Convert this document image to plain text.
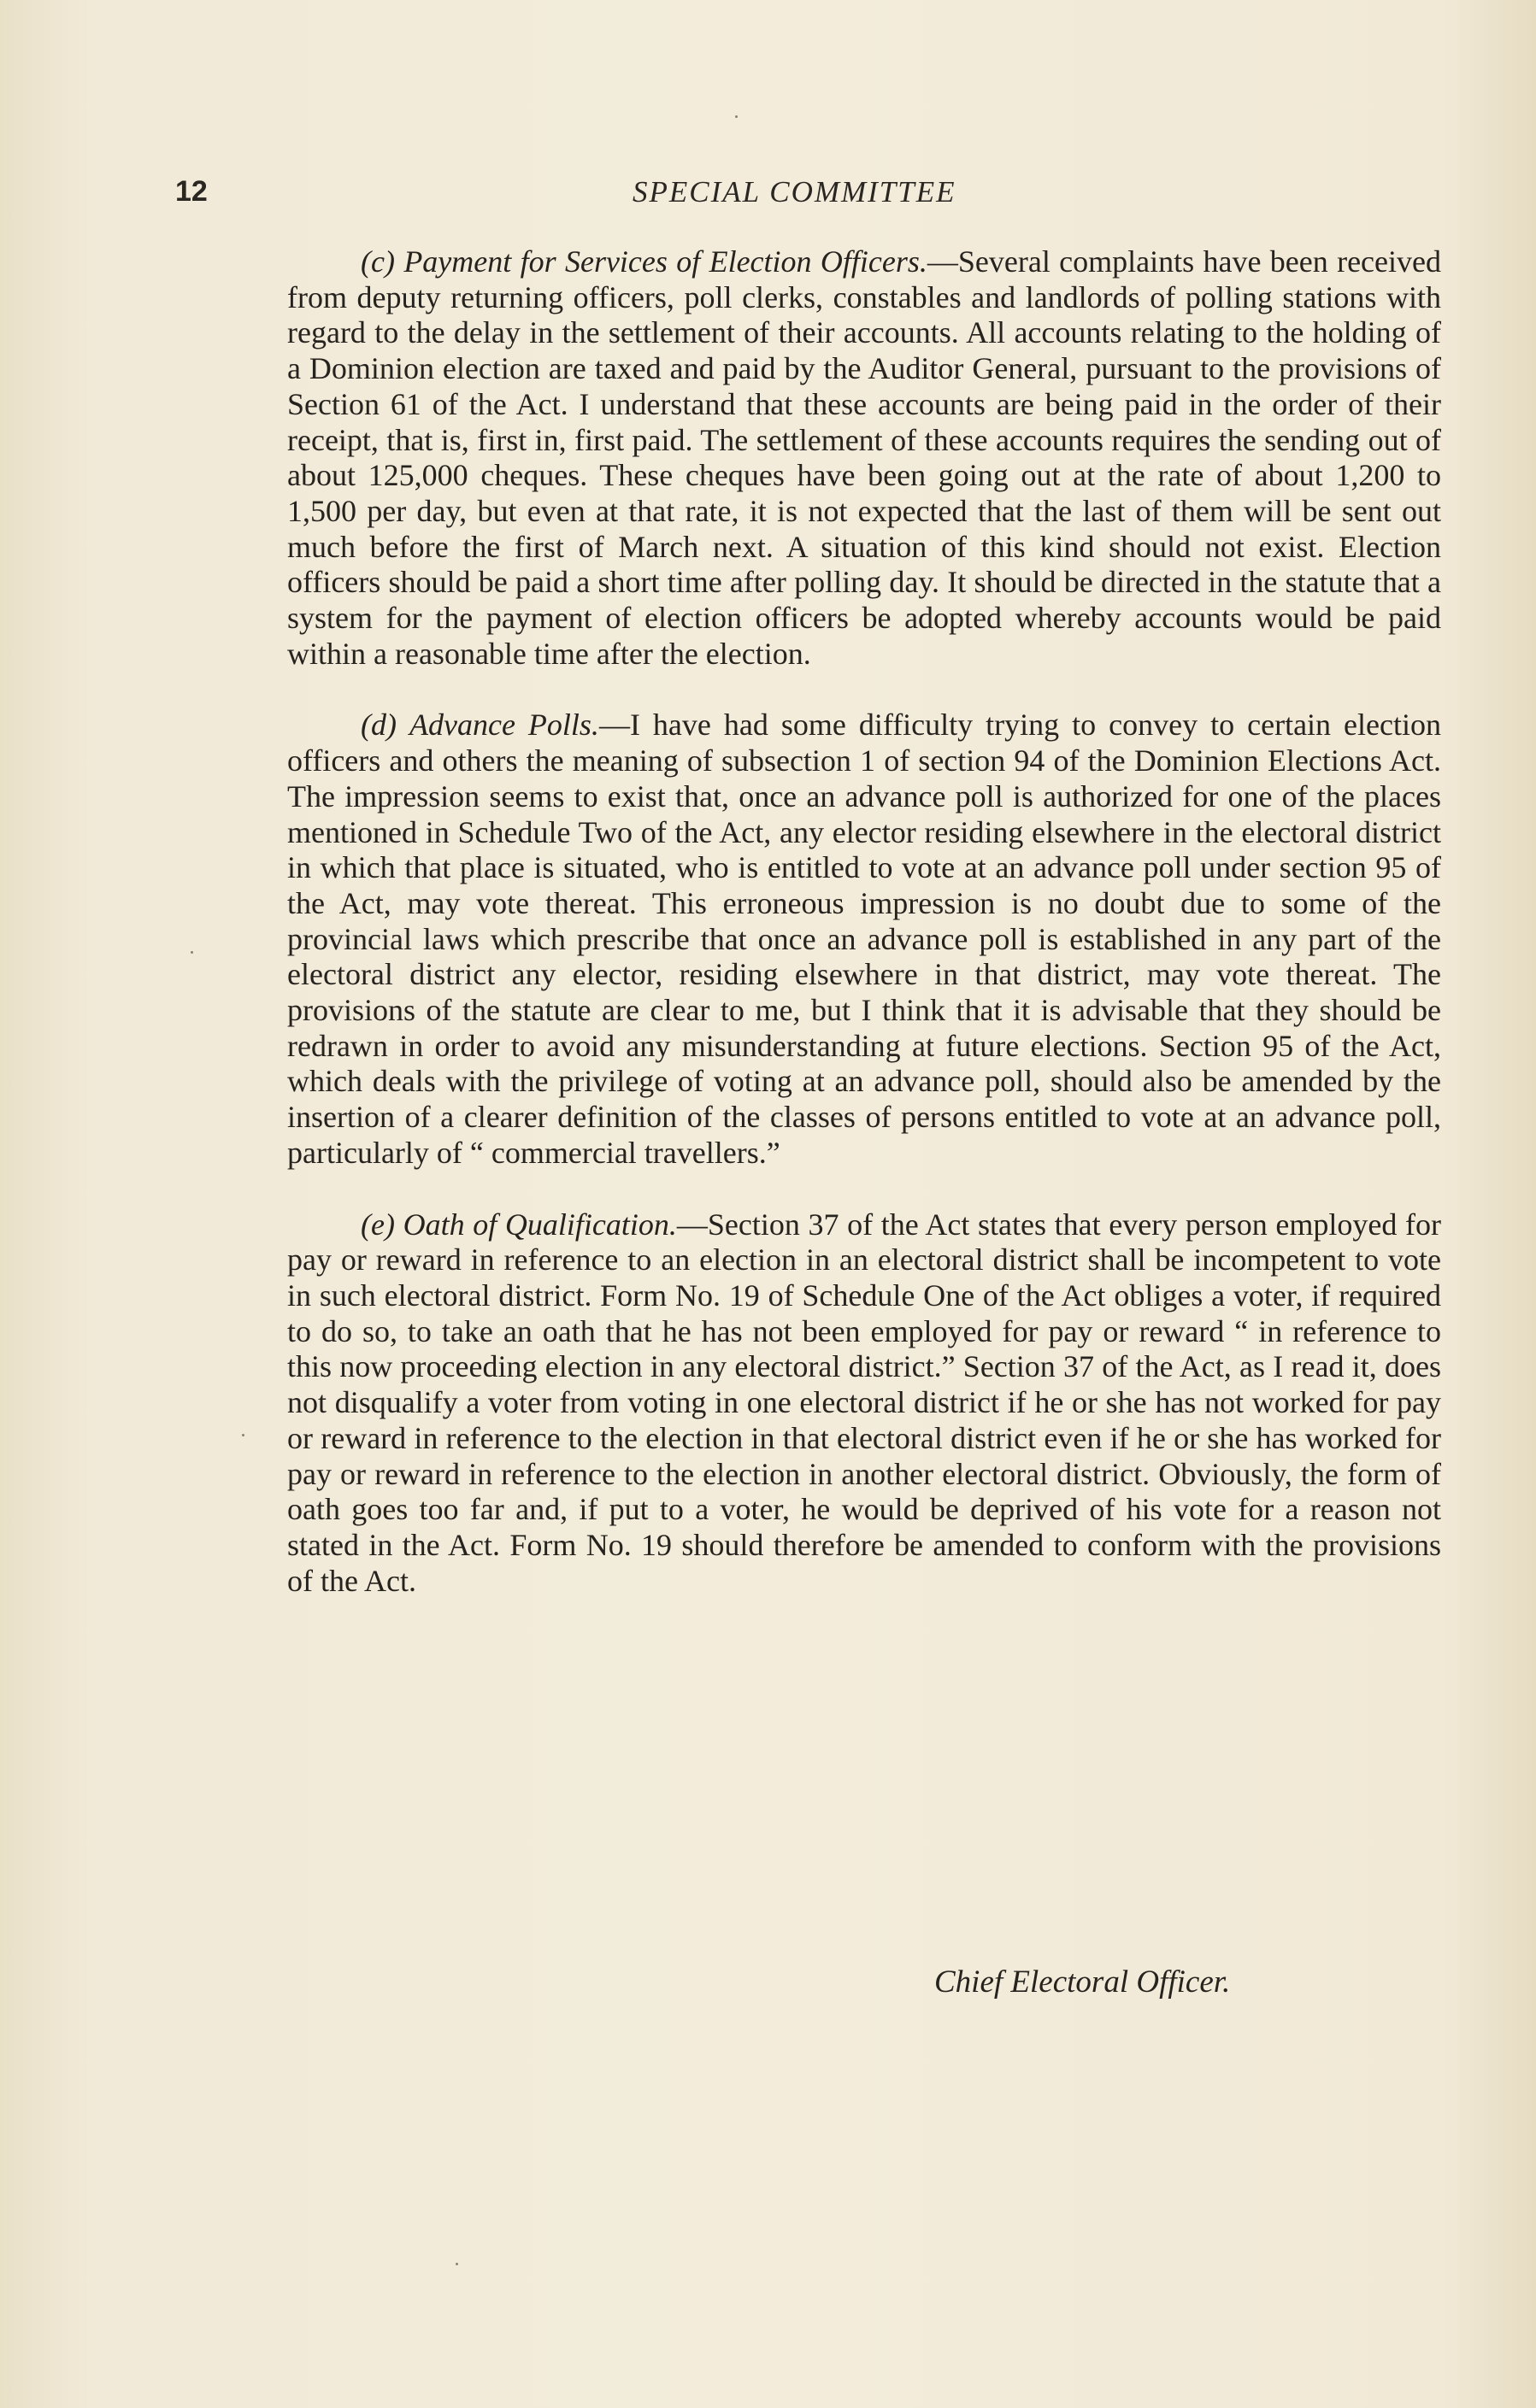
12	SPECIAL COMMITTEE

(c) Payment for Services of Election Officers.—Several complaints have been received from deputy returning officers, poll clerks, constables and landlords of polling stations with regard to the delay in the settlement of their accounts. All accounts relating to the holding of a Dominion election are taxed and paid by the Auditor General, pursuant to the provisions of Section 61 of the Act. I understand that these accounts are being paid in the order of their receipt, that is, first in, first paid. The settlement of these accounts requires the sending out of about 125,000 cheques. These cheques have been going out at the rate of about 1,200 to 1,500 per day, but even at that rate, it is not expected that the last of them will be sent out much before the first of March next. A situation of this kind should not exist. Election officers should be paid a short time after polling day. It should be directed in the statute that a system for the payment of election officers be adopted whereby accounts would be paid within a reasonable time after the election.

(d) Advance Polls.—I have had some difficulty trying to convey to certain election officers and others the meaning of subsection 1 of section 94 of the Dominion Elections Act. The impression seems to exist that, once an advance poll is authorized for one of the places mentioned in Schedule Two of the Act, any elector residing elsewhere in the electoral district in which that place is situated, who is entitled to vote at an advance poll under section 95 of the Act, may vote thereat. This erroneous impression is no doubt due to some of the provincial laws which prescribe that once an advance poll is established in any part of the electoral district any elector, residing elsewhere in that district, may vote thereat. The provisions of the statute are clear to me, but I think that it is advisable that they should be redrawn in order to avoid any misunderstanding at future elections. Section 95 of the Act, which deals with the privilege of voting at an advance poll, should also be amended by the insertion of a clearer definition of the classes of persons entitled to vote at an advance poll, particularly of “ commercial travellers.”

(e) Oath of Qualification.—Section 37 of the Act states that every person employed for pay or reward in reference to an election in an electoral district shall be incompetent to vote in such electoral district. Form No. 19 of Schedule One of the Act obliges a voter, if required to do so, to take an oath that he has not been employed for pay or reward “ in reference to this now proceeding election in any electoral district.” Section 37 of the Act, as I read it, does not disqualify a voter from voting in one electoral district if he or she has not worked for pay or reward in reference to the election in that electoral district even if he or she has worked for pay or reward in reference to the election in another electoral district. Obviously, the form of oath goes too far and, if put to a voter, he would be deprived of his vote for a reason not stated in the Act. Form No. 19 should therefore be amended to conform with the provisions of the Act.

Chief Electoral Officer.
